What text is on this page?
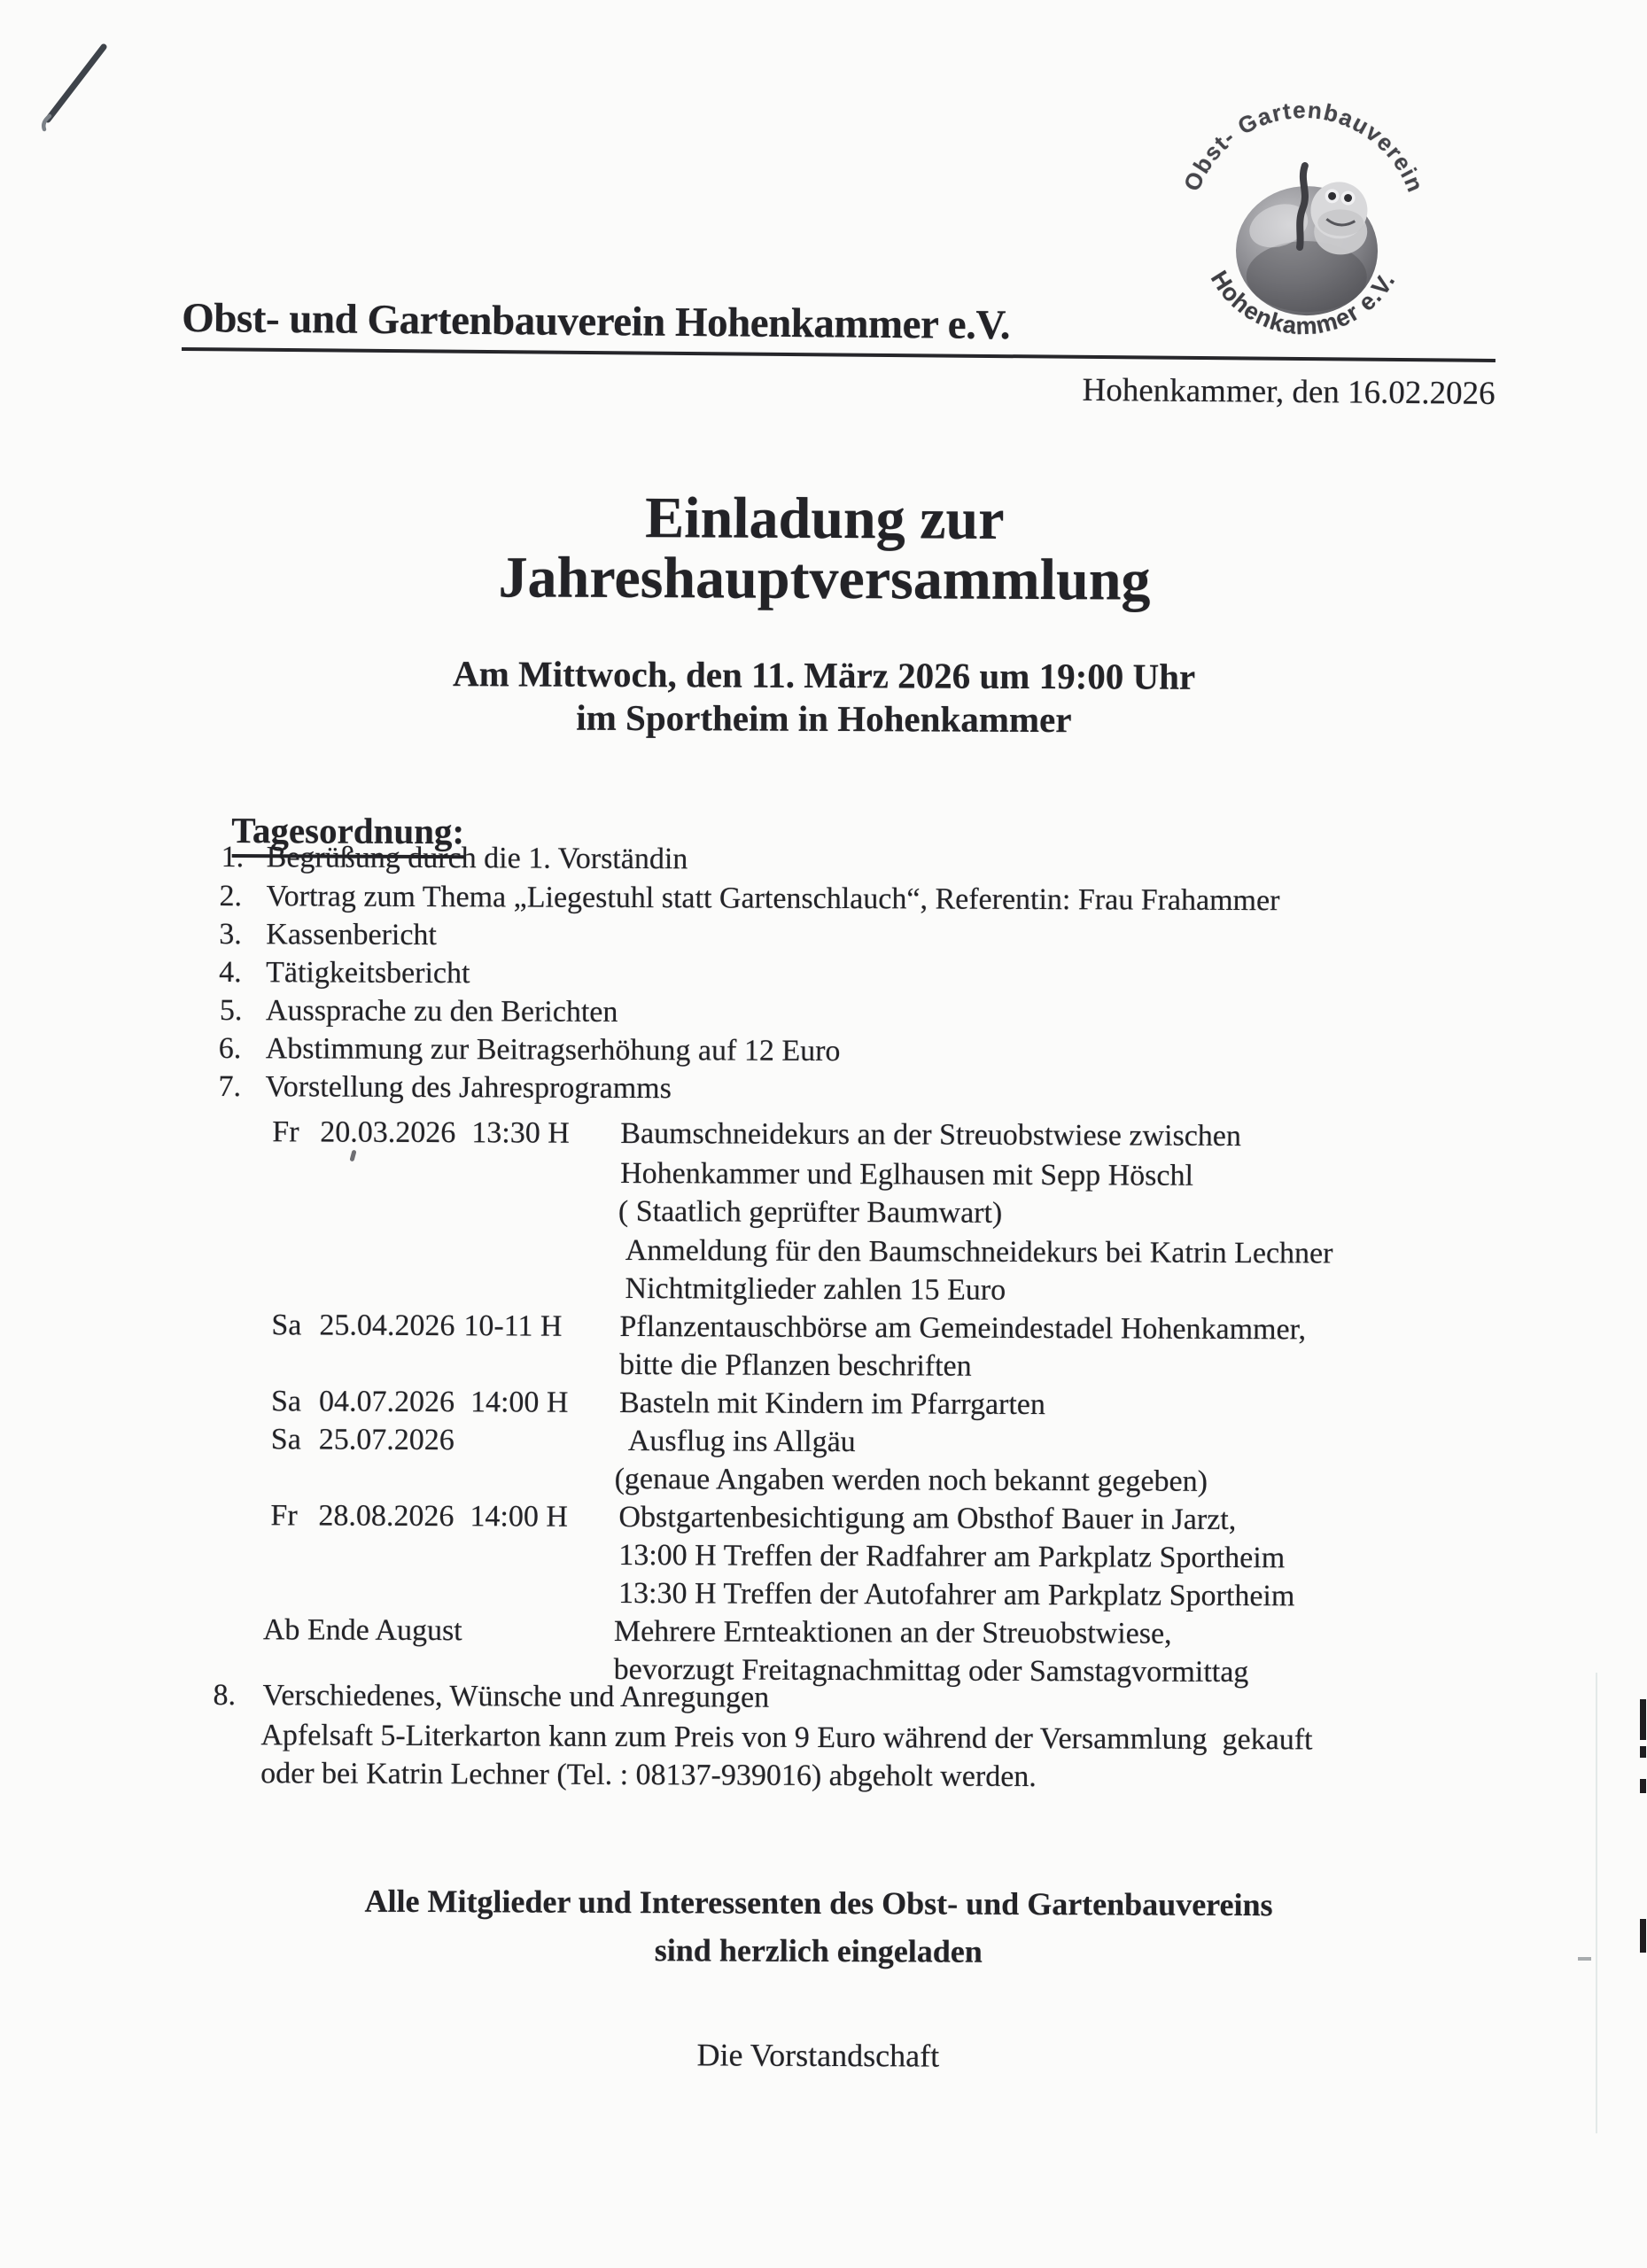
Obst- Gartenbauverein
Hohenkammer e.V.
Obst- und Gartenbauverein Hohenkammer e.V.
Hohenkammer, den 16.02.2026
Einladung zur
Jahreshauptversammlung
Am Mittwoch, den 11. März 2026 um 19:00 Uhr
im Sportheim in Hohenkammer

Tagesordnung:

1. Begrüßung durch die 1. Vorständin
2. Vortrag zum Thema „Liegestuhl statt Gartenschlauch“, Referentin: Frau Frahammer
3. Kassenbericht
4. Tätigkeitsbericht
5. Aussprache zu den Berichten
6. Abstimmung zur Beitragserhöhung auf 12 Euro
7. Vorstellung des Jahresprogramms
Fr 20.03.2026 13:30 H Baumschneidekurs an der Streuobstwiese zwischen
Hohenkammer und Eglhausen mit Sepp Höschl
( Staatlich geprüfter Baumwart)
Anmeldung für den Baumschneidekurs bei Katrin Lechner
Nichtmitglieder zahlen 15 Euro
Sa 25.04.2026 10-11 H Pflanzentauschbörse am Gemeindestadel Hohenkammer,
bitte die Pflanzen beschriften
Sa 04.07.2026 14:00 H Basteln mit Kindern im Pfarrgarten
Sa 25.07.2026	Ausflug ins Allgäu
(genaue Angaben werden noch bekannt gegeben)
Fr 28.08.2026 14:00 H Obstgartenbesichtigung am Obsthof Bauer in Jarzt,
13:00 H Treffen der Radfahrer am Parkplatz Sportheim
13:30 H Treffen der Autofahrer am Parkplatz Sportheim
Ab Ende August	Mehrere Ernteaktionen an der Streuobstwiese,
bevorzugt Freitagnachmittag oder Samstagvormittag
8. Verschiedenes, Wünsche und Anregungen
Apfelsaft 5-Literkarton kann zum Preis von 9 Euro während der Versammlung  gekauft
oder bei Katrin Lechner (Tel. : 08137-939016) abgeholt werden.
Alle Mitglieder und Interessenten des Obst- und Gartenbauvereins
sind herzlich eingeladen
Die Vorstandschaft
